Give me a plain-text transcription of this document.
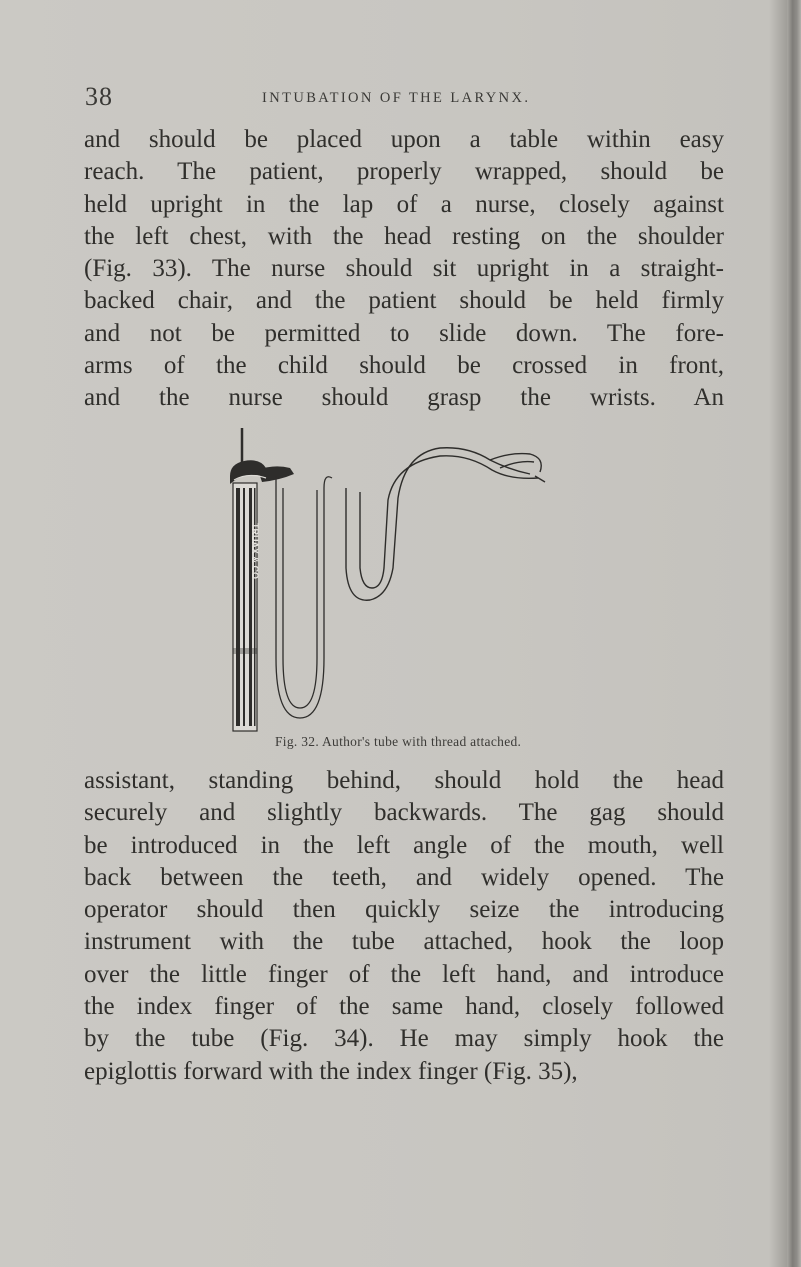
38	INTUBATION OF THE LARYNX.
and should be placed upon a table within easy
reach. The patient, properly wrapped, should be
held upright in the lap of a nurse, closely against
the left chest, with the head resting on the shoulder
(Fig. 33). The nurse should sit upright in a straight-
backed chair, and the patient should be held firmly
and not be permitted to slide down. The fore-
arms of the child should be crossed in front,
and the nurse should grasp the wrists. An
TRUAX & CO
Fig. 32. Author's tube with thread attached.
assistant, standing behind, should hold the head
securely and slightly backwards. The gag should
be introduced in the left angle of the mouth, well
back between the teeth, and widely opened. The
operator should then quickly seize the introducing
instrument with the tube attached, hook the loop
over the little finger of the left hand, and introduce
the index finger of the same hand, closely followed
by the tube (Fig. 34). He may simply hook the
epiglottis forward with the index finger (Fig. 35),
